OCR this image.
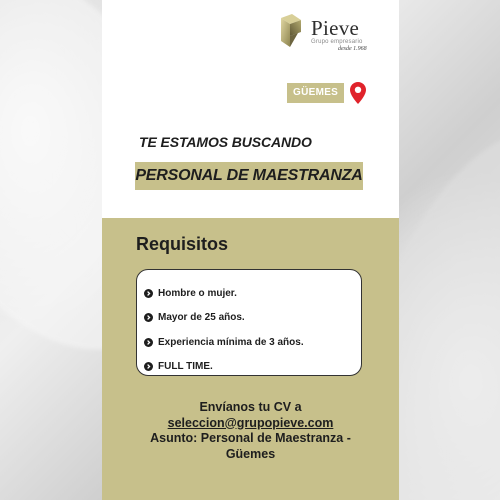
Pieve
Grupo empresario
desde 1.968
GÜEMES
TE ESTAMOS BUSCANDO
PERSONAL DE MAESTRANZA
Requisitos
Hombre o mujer.
Mayor de 25 años.
Experiencia mínima de 3 años.
FULL TIME.
Envíanos tu CV a
seleccion@grupopieve.com
Asunto: Personal de Maestranza -
Güemes
